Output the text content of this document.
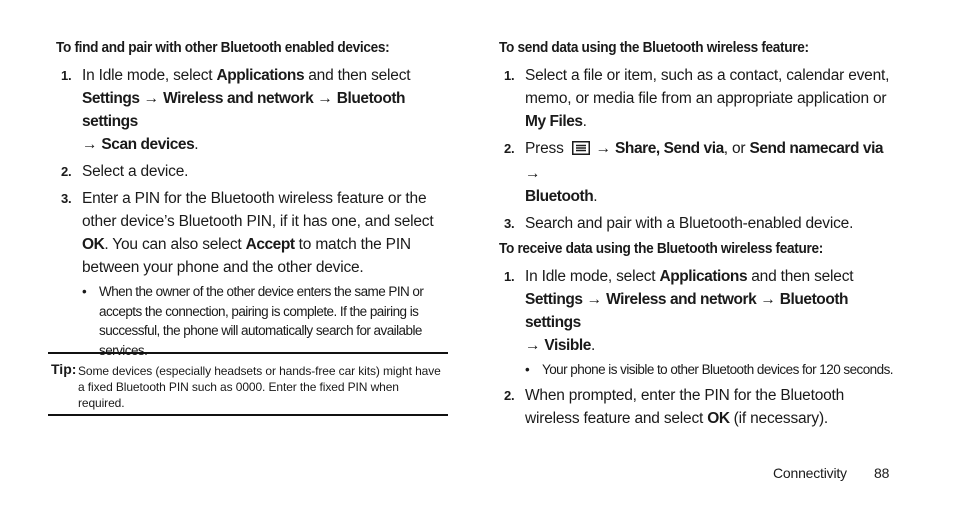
To find and pair with other Bluetooth enabled devices:
1. In Idle mode, select Applications and then select
Settings → Wireless and network → Bluetooth settings
→ Scan devices.
2. Select a device.
3. Enter a PIN for the Bluetooth wireless feature or the other device’s Bluetooth PIN, if it has one, and select OK. You can also select Accept to match the PIN between your phone and the other device.
• When the owner of the other device enters the same PIN or accepts the connection, pairing is complete. If the pairing is successful, the phone will automatically search for available services.
Tip: Some devices (especially headsets or hands-free car kits) might have a fixed Bluetooth PIN such as 0000. Enter the fixed PIN when required.
To send data using the Bluetooth wireless feature:
1. Select a file or item, such as a contact, calendar event, memo, or media file from an appropriate application or My Files.
2. Press → Share, Send via, or Send namecard via →
Bluetooth.
3. Search and pair with a Bluetooth-enabled device.
To receive data using the Bluetooth wireless feature:
1. In Idle mode, select Applications and then select
Settings → Wireless and network → Bluetooth settings
→ Visible.
• Your phone is visible to other Bluetooth devices for 120 seconds.
2. When prompted, enter the PIN for the Bluetooth wireless feature and select OK (if necessary).
Connectivity 88
